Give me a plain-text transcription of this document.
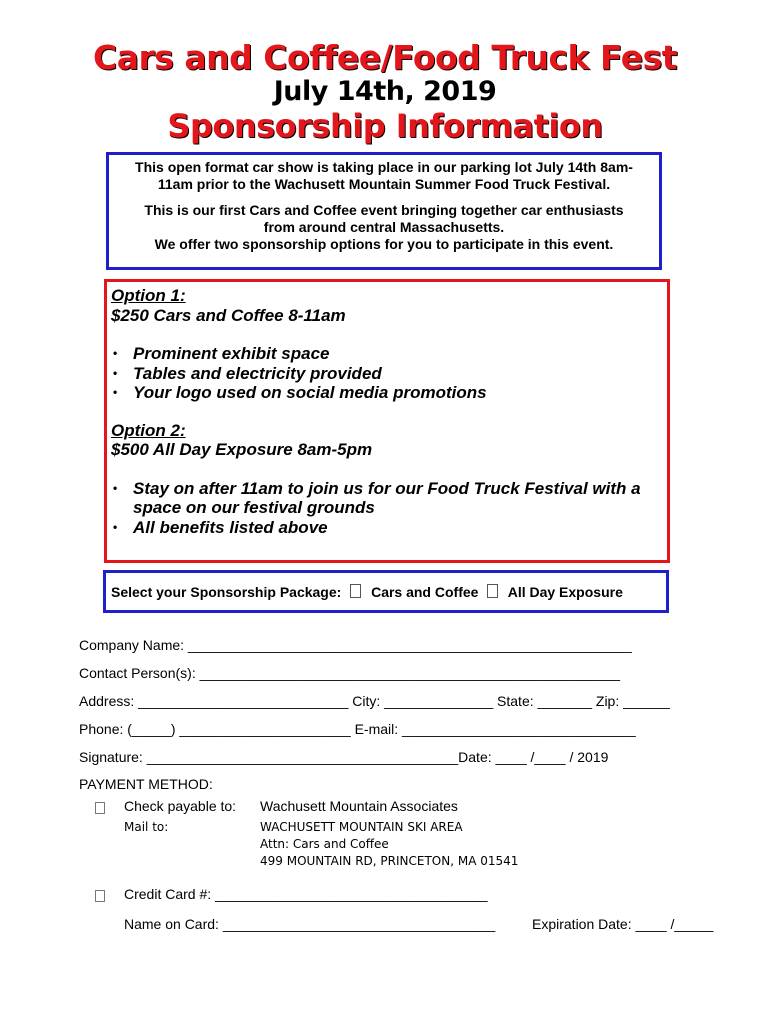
Cars and Coffee/Food Truck Fest
July 14th, 2019
Sponsorship Information

This open format car show is taking place in our parking lot July 14th 8am-
11am prior to the Wachusett Mountain Summer Food Truck Festival.

This is our first Cars and Coffee event bringing together car enthusiasts
from around central Massachusetts.
We offer two sponsorship options for you to participate in this event.

Option 1:
$250 Cars and Coffee 8-11am
• Prominent exhibit space
• Tables and electricity provided
• Your logo used on social media promotions
Option 2:
$500 All Day Exposure 8am-5pm
• Stay on after 11am to join us for our Food Truck Festival with a
space on our festival grounds
• All benefits listed above
Select your Sponsorship Package: Cars and Coffee All Day Exposure
Company Name: _________________________________________________________
Contact Person(s): ______________________________________________________
Address: ___________________________ City: ______________ State: _______ Zip: ______
Phone: (_____) ______________________ E-mail: ______________________________
Signature: ________________________________________Date: ____ /____ / 2019
PAYMENT METHOD:
Check payable to: Wachusett Mountain Associates
Mail to:	WACHUSETT MOUNTAIN SKI AREA
Attn: Cars and Coffee
499 MOUNTAIN RD, PRINCETON, MA 01541
Credit Card #: ___________________________________
Name on Card: ___________________________________	Expiration Date: ____ /_____
